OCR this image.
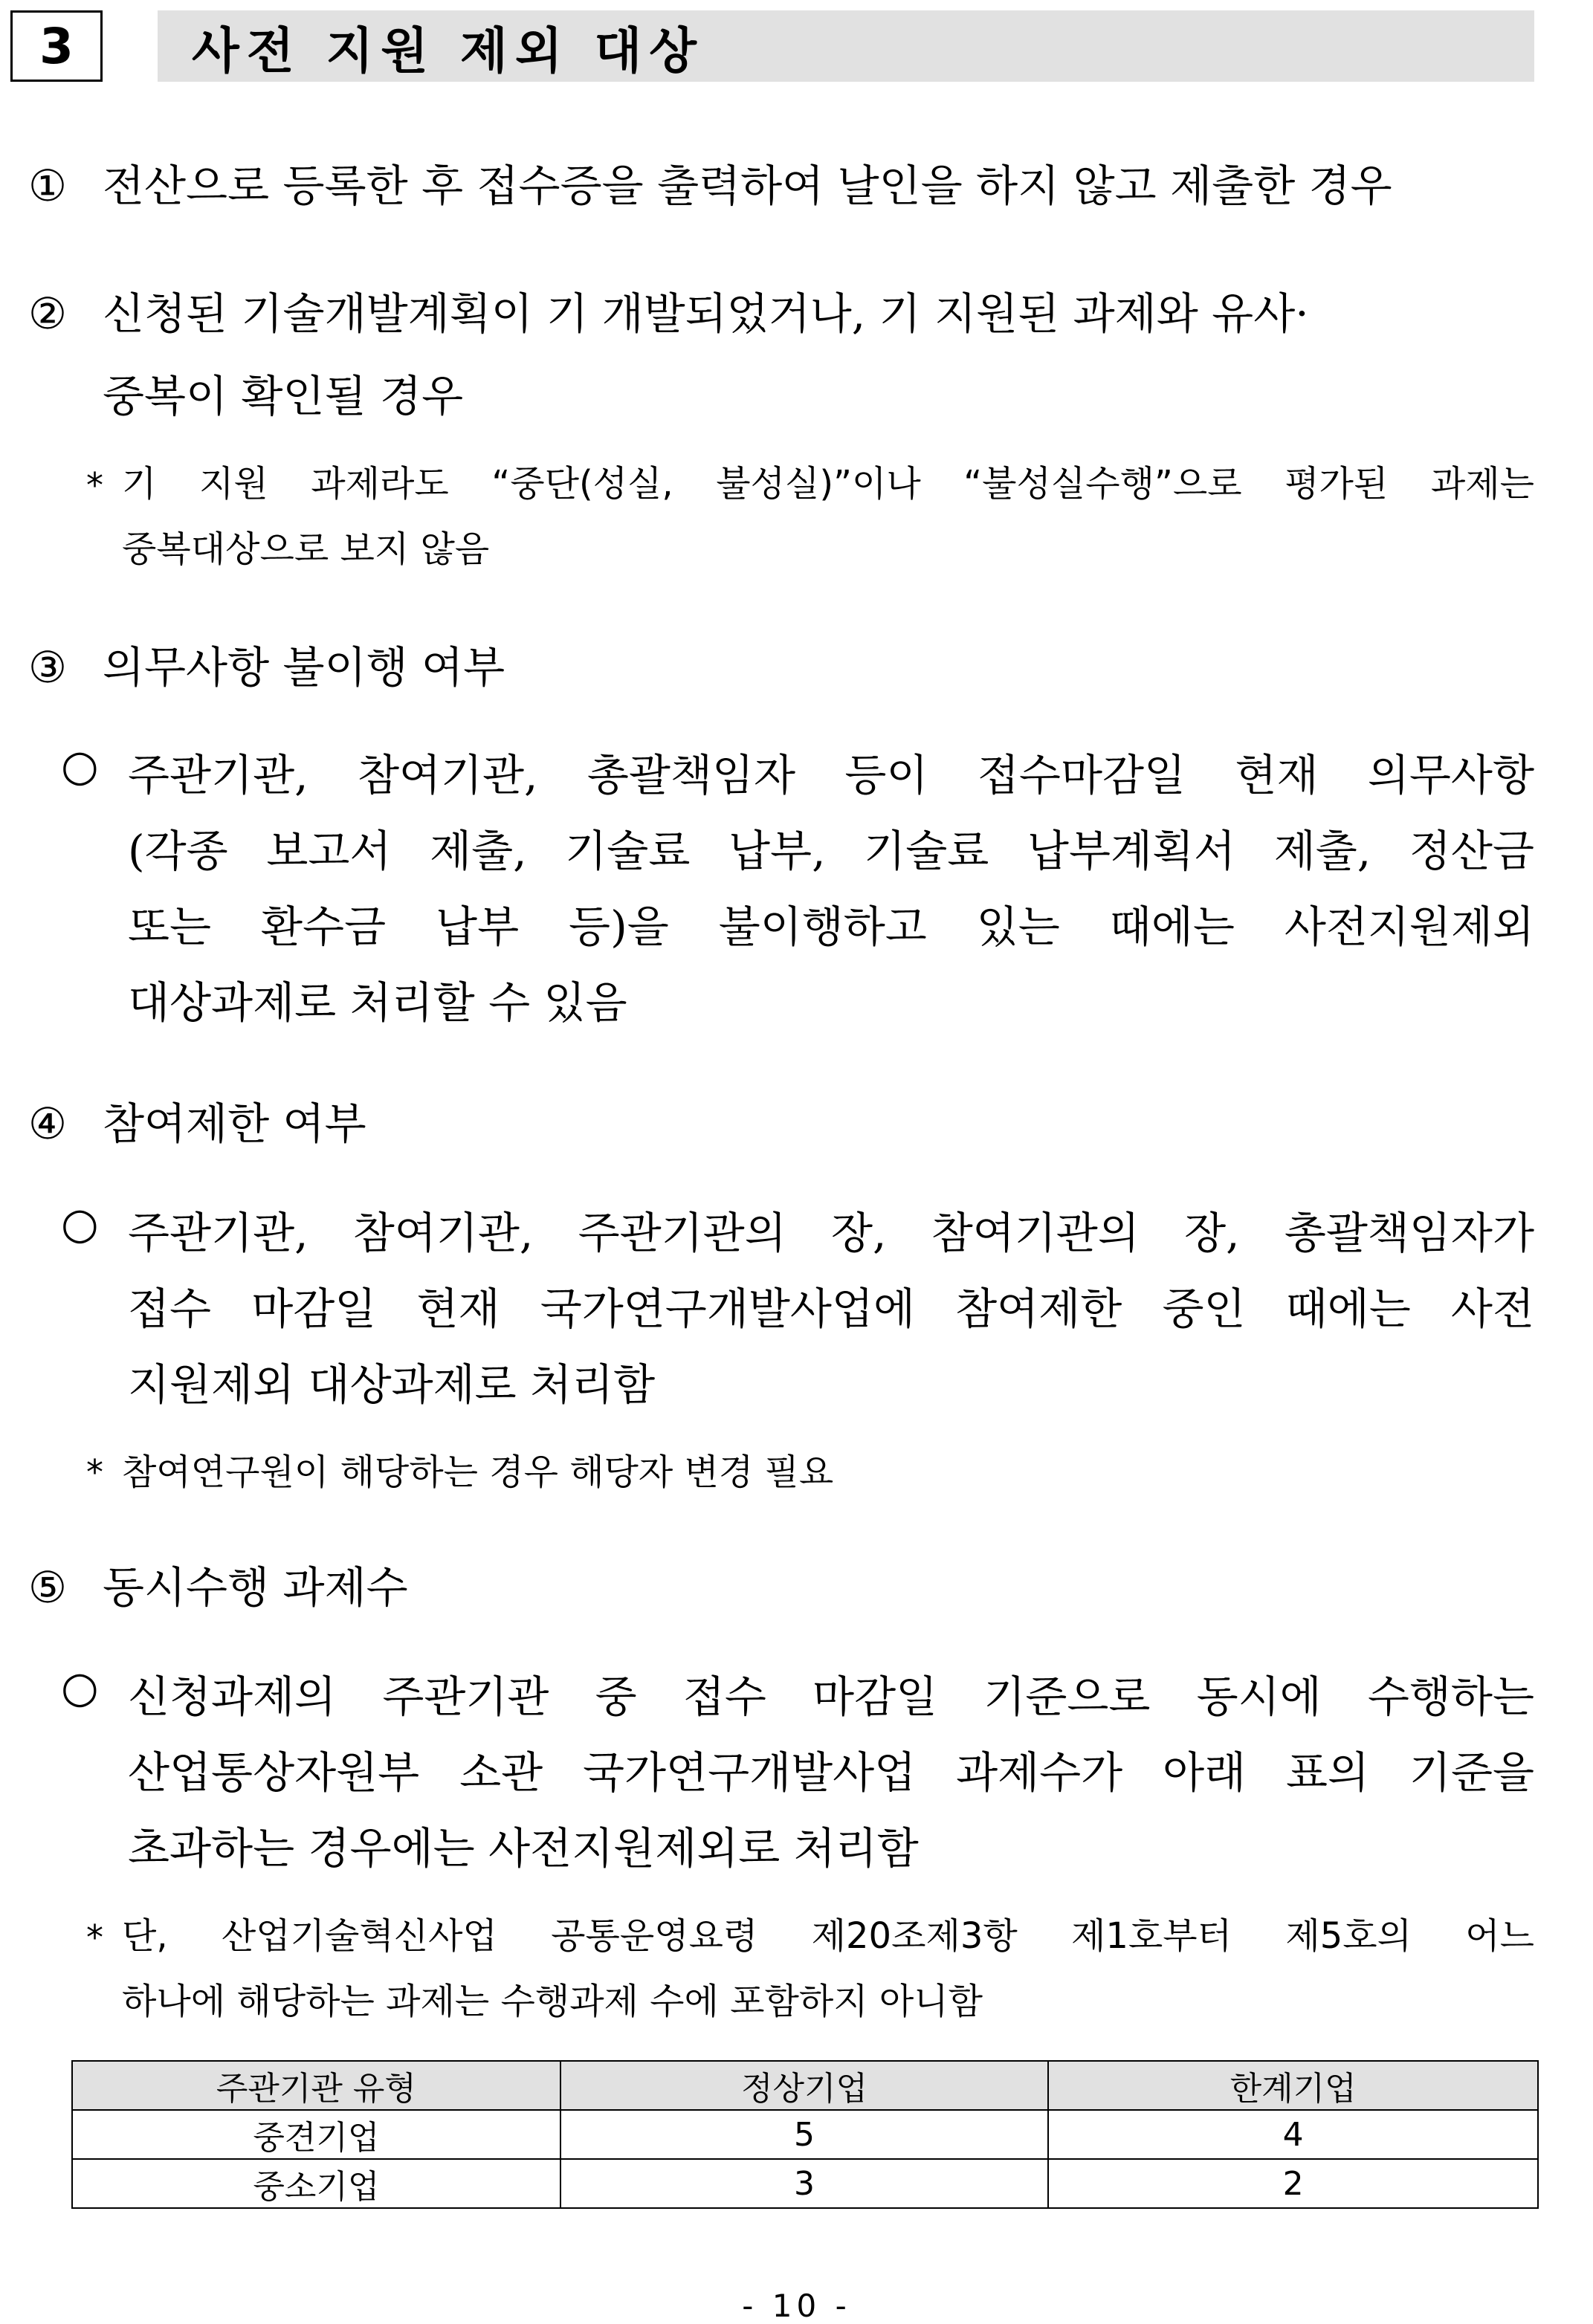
3	사전 지원 제외 대상
① 전산으로 등록한 후 접수증을 출력하여 날인을 하지 않고 제출한 경우
② 신청된 기술개발계획이 기 개발되었거나, 기 지원된 과제와 유사·
중복이 확인될 경우
* 기 지원 과제라도 “중단(성실, 불성실)”이나 “불성실수행”으로 평가된 과제는
중복대상으로 보지 않음
③ 의무사항 불이행 여부
○ 주관기관, 참여기관, 총괄책임자 등이 접수마감일 현재 의무사항
(각종 보고서 제출, 기술료 납부, 기술료 납부계획서 제출, 정산금
또는 환수금 납부 등)을 불이행하고 있는 때에는 사전지원제외
대상과제로 처리할 수 있음
④ 참여제한 여부
○ 주관기관, 참여기관, 주관기관의 장, 참여기관의 장, 총괄책임자가
접수 마감일 현재 국가연구개발사업에 참여제한 중인 때에는 사전
지원제외 대상과제로 처리함
* 참여연구원이 해당하는 경우 해당자 변경 필요
⑤ 동시수행 과제수
○ 신청과제의 주관기관 중 접수 마감일 기준으로 동시에 수행하는
산업통상자원부 소관 국가연구개발사업 과제수가 아래 표의 기준을
초과하는 경우에는 사전지원제외로 처리함
* 단, 산업기술혁신사업 공통운영요령 제20조제3항 제1호부터 제5호의 어느
하나에 해당하는 과제는 수행과제 수에 포함하지 아니함
주관기관 유형	정상기업	한계기업
중견기업	5	4
중소기업	3	2
- 10 -
